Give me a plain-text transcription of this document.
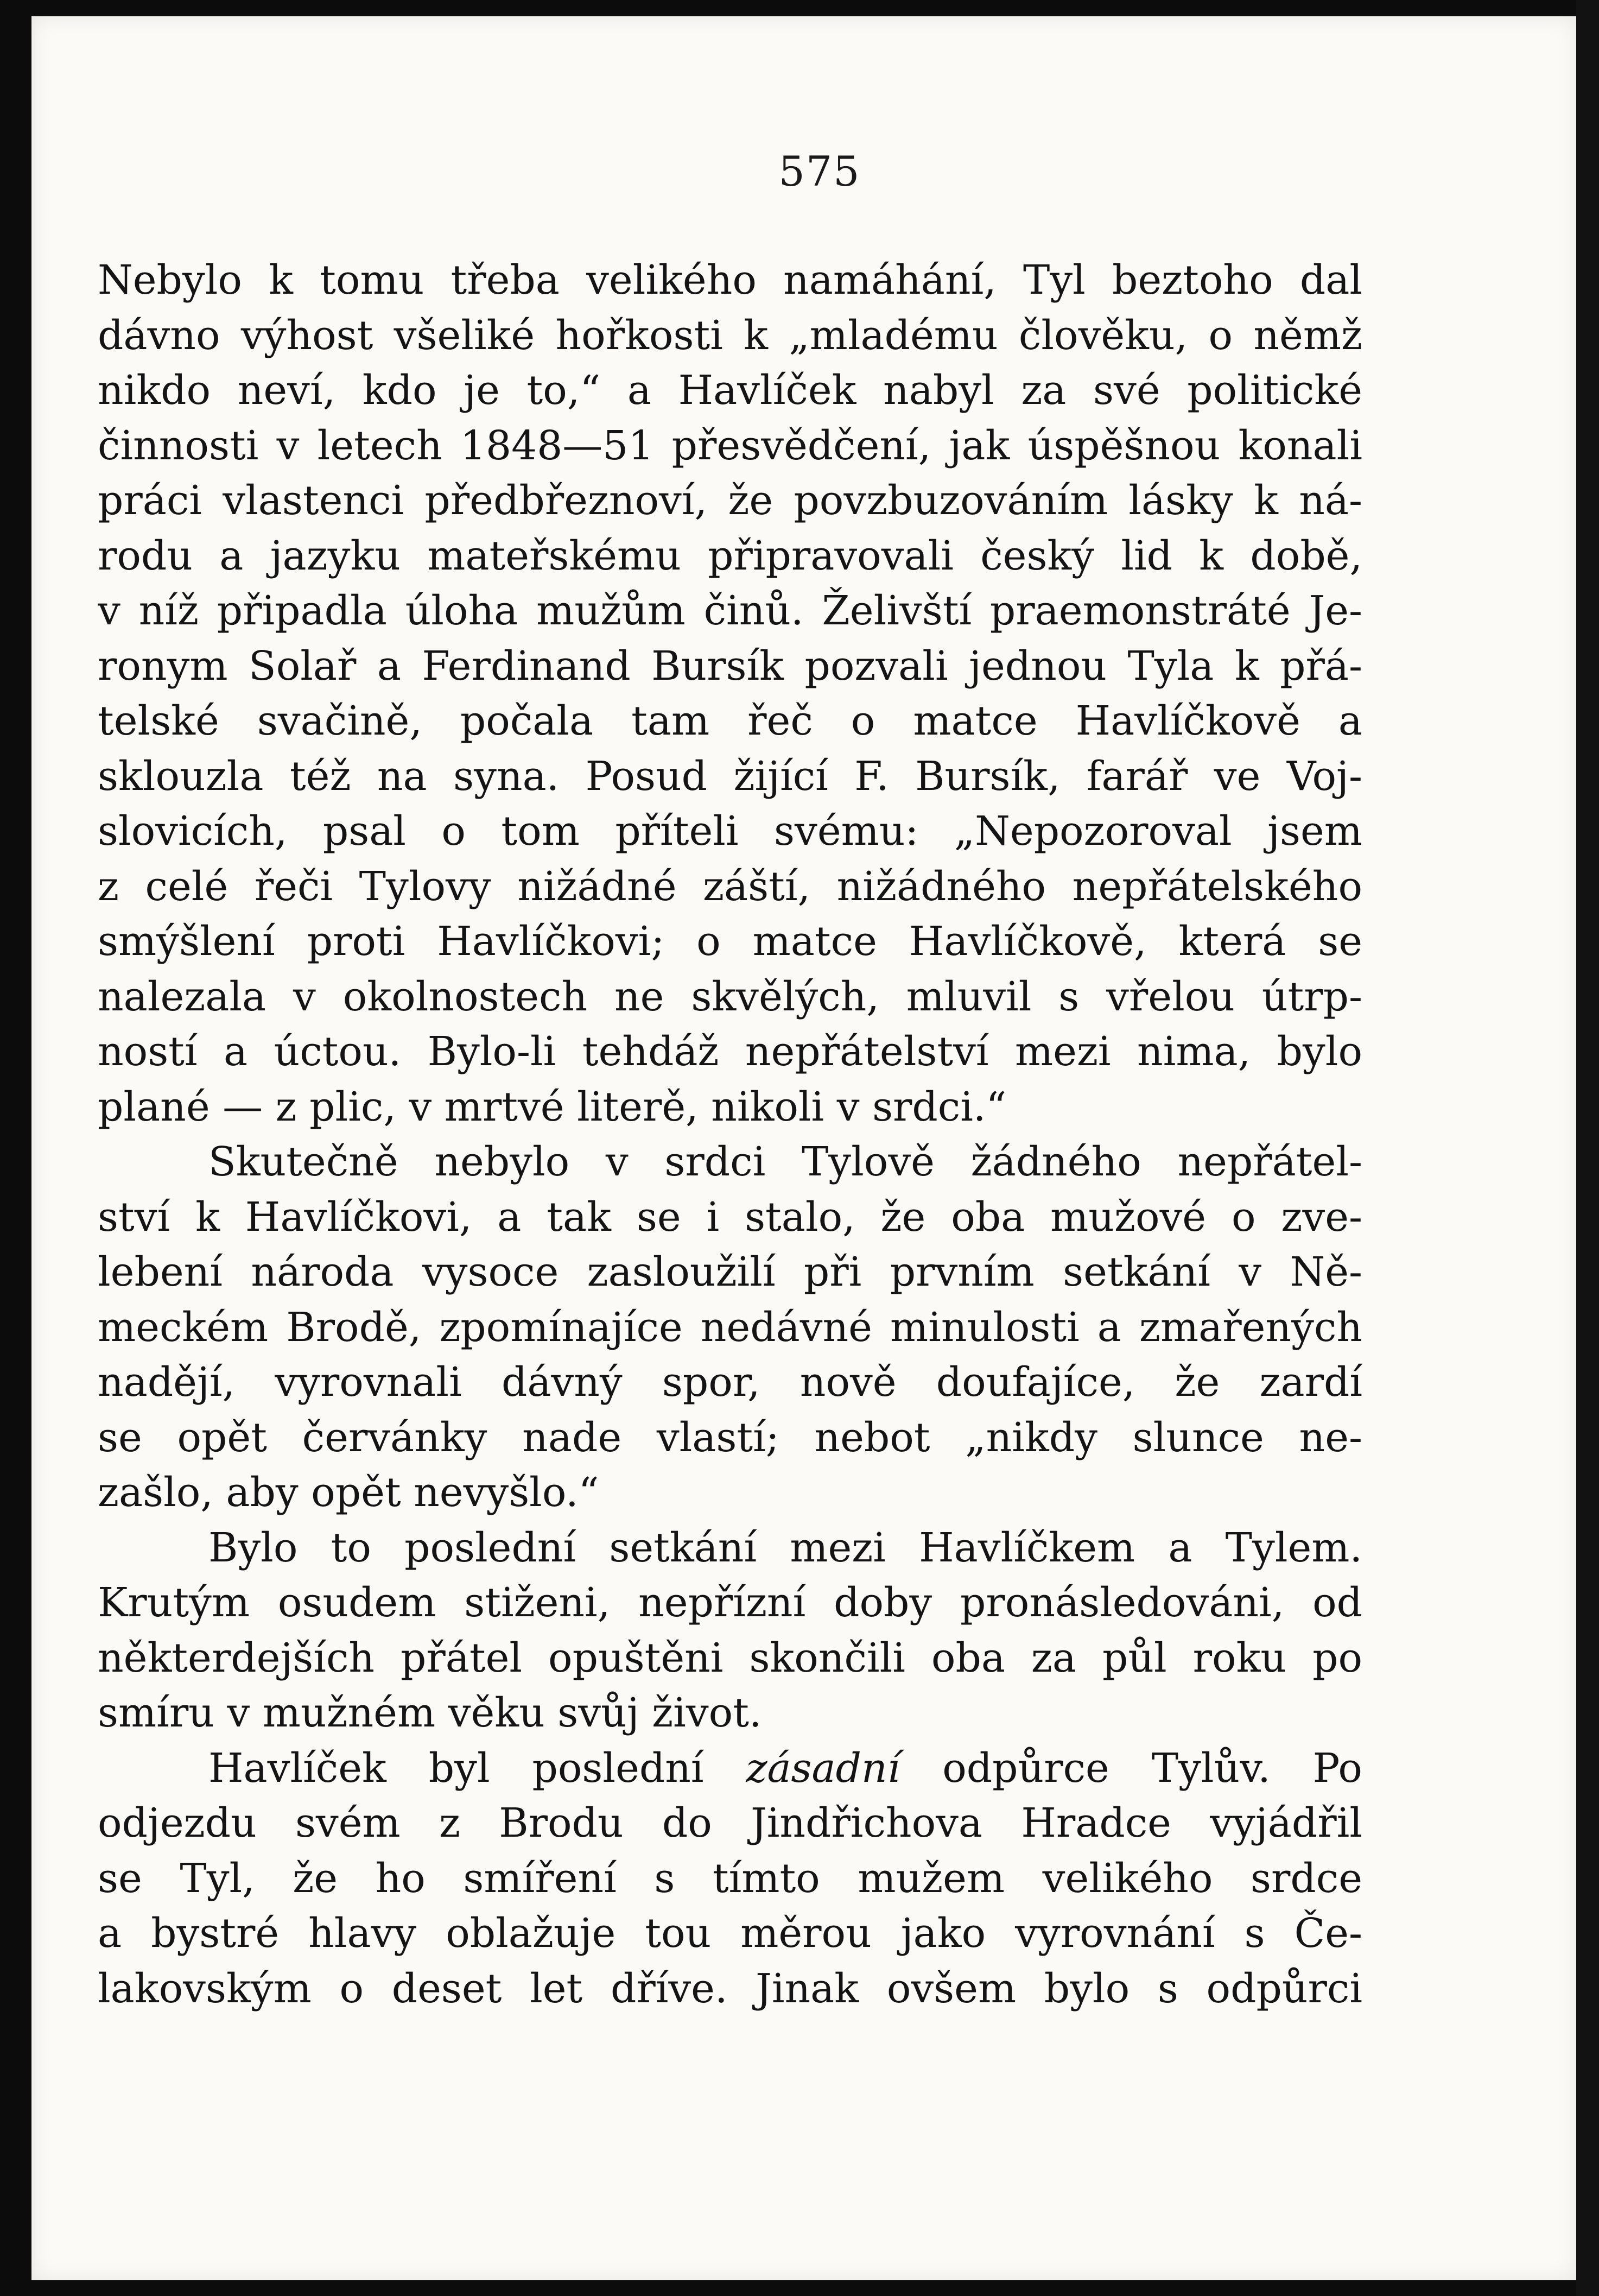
575
Nebylo k tomu třeba velikého namáhání, Tyl beztoho dal
dávno výhost všeliké hořkosti k „mladému člověku, o němž
nikdo neví, kdo je to,“ a Havlíček nabyl za své politické
činnosti v letech 1848—51 přesvědčení, jak úspěšnou konali
práci vlastenci předbřeznoví, že povzbuzováním lásky k ná-
rodu a jazyku mateřskému připravovali český lid k době,
v níž připadla úloha mužům činů. Želivští praemonstráté Je-
ronym Solař a Ferdinand Bursík pozvali jednou Tyla k přá-
telské svačině, počala tam řeč o matce Havlíčkově a
sklouzla též na syna. Posud žijící F. Bursík, farář ve Voj-
slovicích, psal o tom příteli svému: „Nepozoroval jsem
z celé řeči Tylovy nižádné záští, nižádného nepřátelského
smýšlení proti Havlíčkovi; o matce Havlíčkově, která se
nalezala v okolnostech ne skvělých, mluvil s vřelou útrp-
ností a úctou. Bylo-li tehdáž nepřátelství mezi nima, bylo
plané — z plic, v mrtvé literě, nikoli v srdci.“
Skutečně nebylo v srdci Tylově žádného nepřátel-
ství k Havlíčkovi, a tak se i stalo, že oba mužové o zve-
lebení národa vysoce zasloužilí při prvním setkání v Ně-
meckém Brodě, zpomínajíce nedávné minulosti a zmařených
nadějí, vyrovnali dávný spor, nově doufajíce, že zardí
se opět červánky nade vlastí; nebot „nikdy slunce ne-
zašlo, aby opět nevyšlo.“
Bylo to poslední setkání mezi Havlíčkem a Tylem.
Krutým osudem stiženi, nepřízní doby pronásledováni, od
některdejších přátel opuštěni skončili oba za půl roku po
smíru v mužném věku svůj život.
Havlíček byl poslední zásadní odpůrce Tylův. Po
odjezdu svém z Brodu do Jindřichova Hradce vyjádřil
se Tyl, že ho smíření s tímto mužem velikého srdce
a bystré hlavy oblažuje tou měrou jako vyrovnání s Če-
lakovským o deset let dříve. Jinak ovšem bylo s odpůrci
